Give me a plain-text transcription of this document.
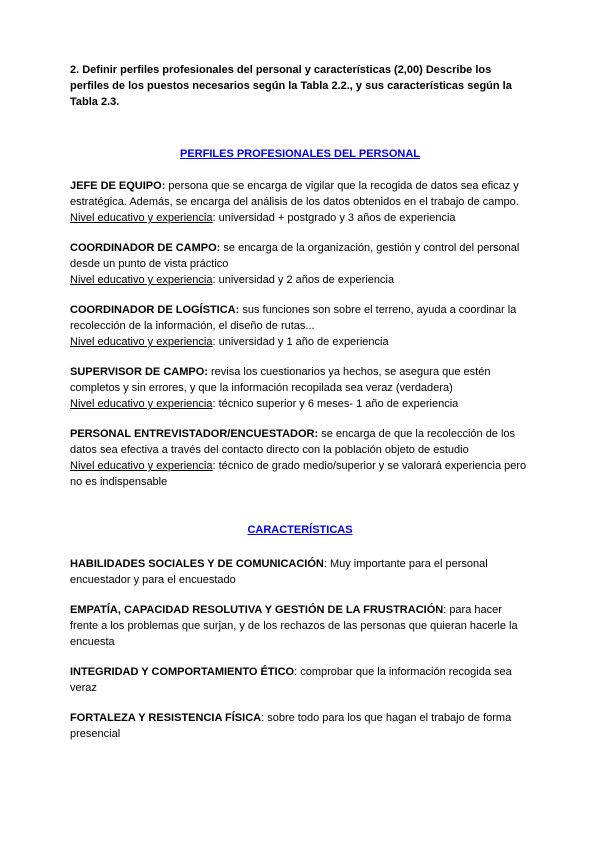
2. Definir perfiles profesionales del personal y características (2,00) Describe los perfiles de los puestos necesarios según la Tabla 2.2., y sus características según la Tabla 2.3.

PERFILES PROFESIONALES DEL PERSONAL

JEFE DE EQUIPO: persona que se encarga de vigilar que la recogida de datos sea eficaz y estratégica. Además, se encarga del análisis de los datos obtenidos en el trabajo de campo.
Nivel educativo y experiencia: universidad + postgrado y 3 años de experiencia

COORDINADOR DE CAMPO: se encarga de la organización, gestión y control del personal desde un punto de vista práctico
Nivel educativo y experiencia: universidad y 2 años de experiencia

COORDINADOR DE LOGÍSTICA: sus funciones son sobre el terreno, ayuda a coordinar la recolección de la información, el diseño de rutas...
Nivel educativo y experiencia: universidad y 1 año de experiencia

SUPERVISOR DE CAMPO: revisa los cuestionarios ya hechos, se asegura que estén completos y sin errores, y que la información recopilada sea veraz (verdadera)
Nivel educativo y experiencia: técnico superior y 6 meses- 1 año de experiencia

PERSONAL ENTREVISTADOR/ENCUESTADOR: se encarga de que la recolección de los datos sea efectiva a través del contacto directo con la población objeto de estudio
Nivel educativo y experiencia: técnico de grado medio/superior y se valorará experiencia pero no es indispensable

CARACTERÍSTICAS

HABILIDADES SOCIALES Y DE COMUNICACIÓN: Muy importante para el personal encuestador y para el encuestado

EMPATÍA, CAPACIDAD RESOLUTIVA Y GESTIÓN DE LA FRUSTRACIÓN: para hacer frente a los problemas que surjan, y de los rechazos de las personas que quieran hacerle la encuesta

INTEGRIDAD Y COMPORTAMIENTO ÉTICO: comprobar que la información recogida sea veraz

FORTALEZA Y RESISTENCIA FÍSICA: sobre todo para los que hagan el trabajo de forma presencial
